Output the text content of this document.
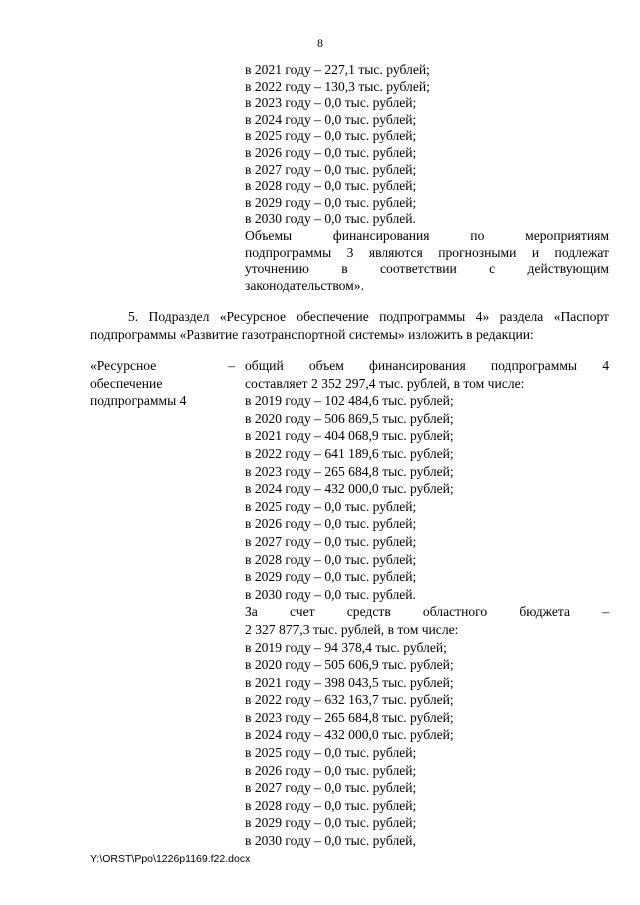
8
в 2021 году – 227,1 тыс. рублей;
в 2022 году – 130,3 тыс. рублей;
в 2023 году – 0,0 тыс. рублей;
в 2024 году – 0,0 тыс. рублей;
в 2025 году – 0,0 тыс. рублей;
в 2026 году – 0,0 тыс. рублей;
в 2027 году – 0,0 тыс. рублей;
в 2028 году – 0,0 тыс. рублей;
в 2029 году – 0,0 тыс. рублей;
в 2030 году – 0,0 тыс. рублей.
Объемы финансирования по мероприятиям
подпрограммы 3 являются прогнозными и подлежат
уточнению в соответствии с действующим
законодательством».
5. Подраздел «Ресурсное обеспечение подпрограммы 4» раздела «Паспорт
подпрограммы «Развитие газотранспортной системы» изложить в редакции:
«Ресурсное	–
обеспечение
подпрограммы 4
общий объем финансирования подпрограммы 4
составляет 2 352 297,4 тыс. рублей, в том числе:
в 2019 году – 102 484,6 тыс. рублей;
в 2020 году – 506 869,5 тыс. рублей;
в 2021 году – 404 068,9 тыс. рублей;
в 2022 году – 641 189,6 тыс. рублей;
в 2023 году – 265 684,8 тыс. рублей;
в 2024 году – 432 000,0 тыс. рублей;
в 2025 году – 0,0 тыс. рублей;
в 2026 году – 0,0 тыс. рублей;
в 2027 году – 0,0 тыс. рублей;
в 2028 году – 0,0 тыс. рублей;
в 2029 году – 0,0 тыс. рублей;
в 2030 году – 0,0 тыс. рублей.
За счет средств областного бюджета –
2 327 877,3 тыс. рублей, в том числе:
в 2019 году – 94 378,4 тыс. рублей;
в 2020 году – 505 606,9 тыс. рублей;
в 2021 году – 398 043,5 тыс. рублей;
в 2022 году – 632 163,7 тыс. рублей;
в 2023 году – 265 684,8 тыс. рублей;
в 2024 году – 432 000,0 тыс. рублей;
в 2025 году – 0,0 тыс. рублей;
в 2026 году – 0,0 тыс. рублей;
в 2027 году – 0,0 тыс. рублей;
в 2028 году – 0,0 тыс. рублей;
в 2029 году – 0,0 тыс. рублей;
в 2030 году – 0,0 тыс. рублей,
Y:\ORST\Ppo\1226p1169.f22.docx
